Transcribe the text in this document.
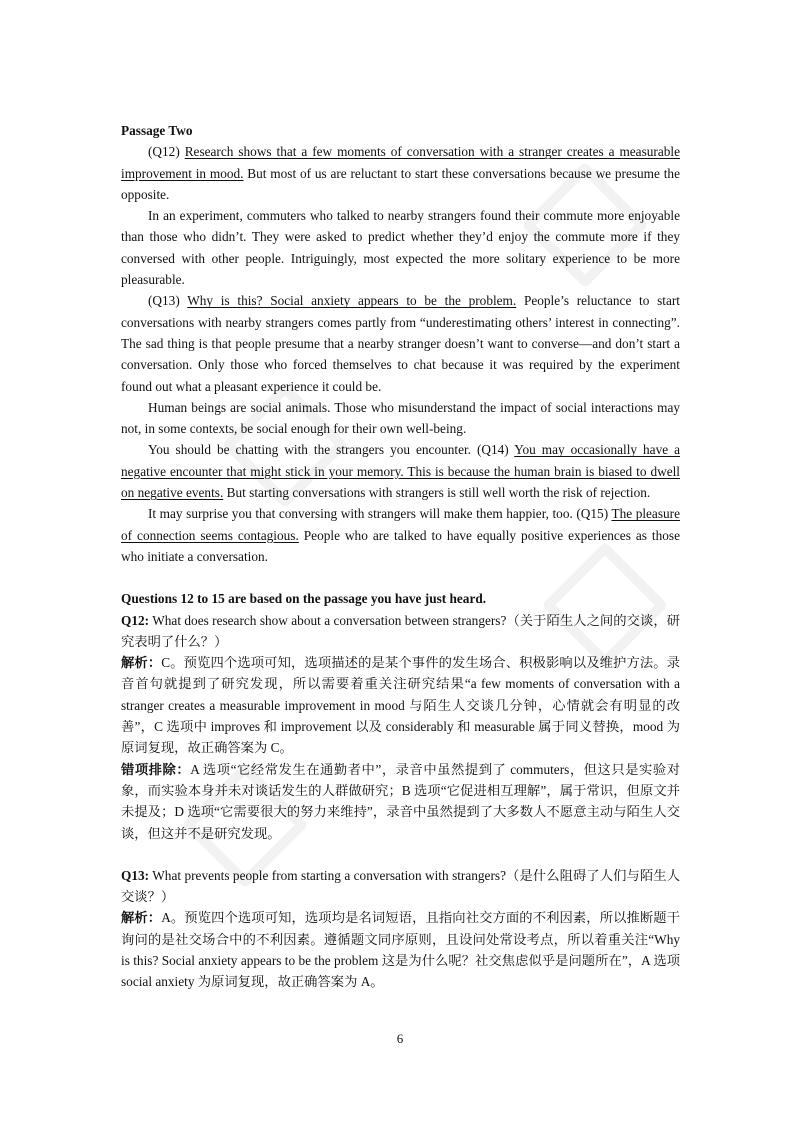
Passage Two

(Q12) Research shows that a few moments of conversation with a stranger creates a measurable improvement in mood. But most of us are reluctant to start these conversations because we presume the opposite.

In an experiment, commuters who talked to nearby strangers found their commute more enjoyable than those who didn’t. They were asked to predict whether they’d enjoy the commute more if they conversed with other people. Intriguingly, most expected the more solitary experience to be more pleasurable.

(Q13) Why is this? Social anxiety appears to be the problem. People’s reluctance to start conversations with nearby strangers comes partly from “underestimating others’ interest in connecting”. The sad thing is that people presume that a nearby stranger doesn’t want to converse—and don’t start a conversation. Only those who forced themselves to chat because it was required by the experiment found out what a pleasant experience it could be.

Human beings are social animals. Those who misunderstand the impact of social interactions may not, in some contexts, be social enough for their own well-being.

You should be chatting with the strangers you encounter. (Q14) You may occasionally have a negative encounter that might stick in your memory. This is because the human brain is biased to dwell on negative events. But starting conversations with strangers is still well worth the risk of rejection.

It may surprise you that conversing with strangers will make them happier, too. (Q15) The pleasure of connection seems contagious. People who are talked to have equally positive experiences as those who initiate a conversation.

Questions 12 to 15 are based on the passage you have just heard.

Q12: What does research show about a conversation between strangers?（关于陌生人之间的交谈，研究表明了什么？）

解析：C。预览四个选项可知，选项描述的是某个事件的发生场合、积极影响以及维护方法。录音首句就提到了研究发现，所以需要着重关注研究结果“a few moments of conversation with a stranger creates a measurable improvement in mood 与陌生人交谈几分钟，心情就会有明显的改善”，C 选项中 improves 和 improvement 以及 considerably 和 measurable 属于同义替换，mood 为原词复现，故正确答案为 C。

错项排除：A 选项“它经常发生在通勤者中”，录音中虽然提到了 commuters，但这只是实验对象，而实验本身并未对谈话发生的人群做研究；B 选项“它促进相互理解”，属于常识，但原文并未提及；D 选项“它需要很大的努力来维持”，录音中虽然提到了大多数人不愿意主动与陌生人交谈，但这并不是研究发现。

Q13: What prevents people from starting a conversation with strangers?（是什么阻碍了人们与陌生人交谈？）

解析：A。预览四个选项可知，选项均是名词短语，且指向社交方面的不利因素，所以推断题干询问的是社交场合中的不利因素。遵循题文同序原则，且设问处常设考点，所以着重关注“Why is this? Social anxiety appears to be the problem 这是为什么呢？社交焦虑似乎是问题所在”，A 选项 social anxiety 为原词复现，故正确答案为 A。

6
